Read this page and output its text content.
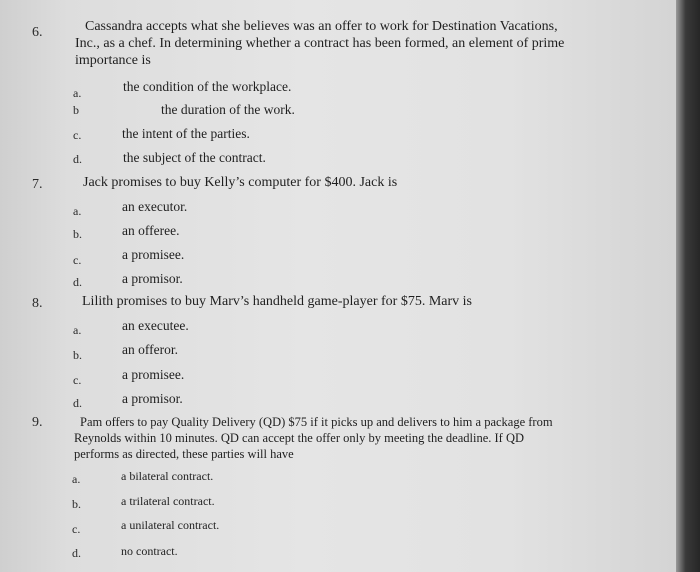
6.	Cassandra accepts what she believes was an offer to work for Destination Vacations,
Inc., as a chef. In determining whether a contract has been formed, an element of prime
importance is
a.	the condition of the workplace.
b	the duration of the work.
c.	the intent of the parties.
d.	the subject of the contract.
7.	Jack promises to buy Kelly’s computer for $400. Jack is
a.	an executor.
b.	an offeree.
c.	a promisee.
d.	a promisor.
8.	Lilith promises to buy Marv’s handheld game-player for $75. Marv is
a.	an executee.
b.	an offeror.
c.	a promisee.
d.	a promisor.
9.	Pam offers to pay Quality Delivery (QD) $75 if it picks up and delivers to him a package from
Reynolds within 10 minutes. QD can accept the offer only by meeting the deadline. If QD
performs as directed, these parties will have
a.	a bilateral contract.
b.	a trilateral contract.
c.	a unilateral contract.
d.	no contract.
